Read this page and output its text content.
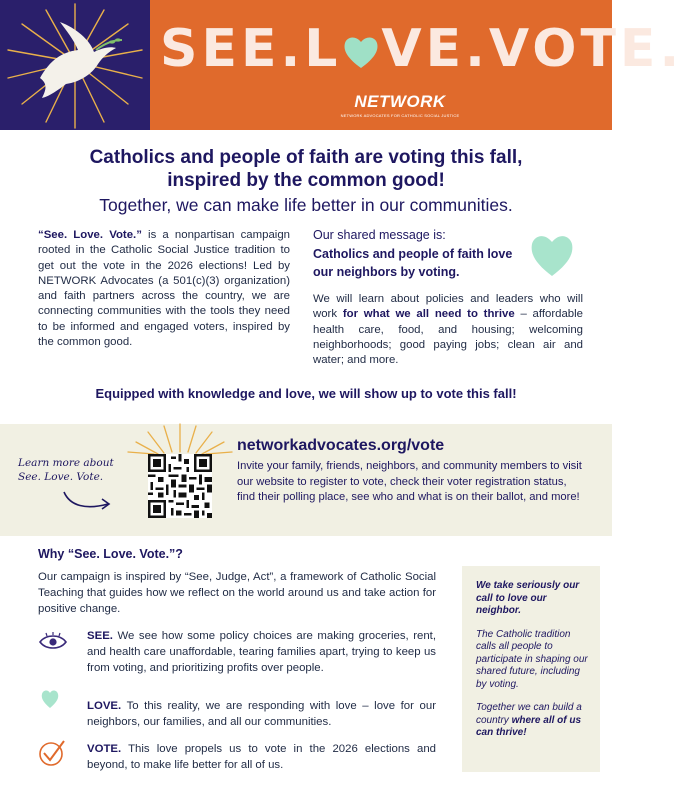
SEE.L VE.VOTE.
NETWORK
NETWORK ADVOCATES FOR CATHOLIC SOCIAL JUSTICE
Catholics and people of faith are voting this fall,
inspired by the common good!
Together, we can make life better in our communities.
“See. Love. Vote.” is a nonpartisan campaign rooted in the Catholic Social Justice tradition to get out the vote in the 2026 elections! Led by NETWORK Advocates (a 501(c)(3) organization) and faith partners across the country, we are connecting communities with the tools they need to be informed and engaged voters, inspired by the common good.
Our shared message is:
Catholics and people of faith love our neighbors by voting.
We will learn about policies and leaders who will work for what we all need to thrive – affordable health care, food, and housing; welcoming neighborhoods; good paying jobs; clean air and water; and more.
Equipped with knowledge and love, we will show up to vote this fall!
Learn more about See. Love. Vote.
networkadvocates.org/vote
Invite your family, friends, neighbors, and community members to visit our website to register to vote, check their voter registration status, find their polling place, see who and what is on their ballot, and more!
Why “See. Love. Vote.”?
Our campaign is inspired by “See, Judge, Act”, a framework of Catholic Social Teaching that guides how we reflect on the world around us and take action for positive change.
SEE. We see how some policy choices are making groceries, rent, and health care unaffordable, tearing families apart, trying to keep us from voting, and prioritizing profits over people.
LOVE. To this reality, we are responding with love – love for our neighbors, our families, and all our communities.
VOTE. This love propels us to vote in the 2026 elections and beyond, to make life better for all of us.

We take seriously our call to love our neighbor.

The Catholic tradition calls all people to participate in shaping our shared future, including by voting.

Together we can build a country where all of us can thrive!
